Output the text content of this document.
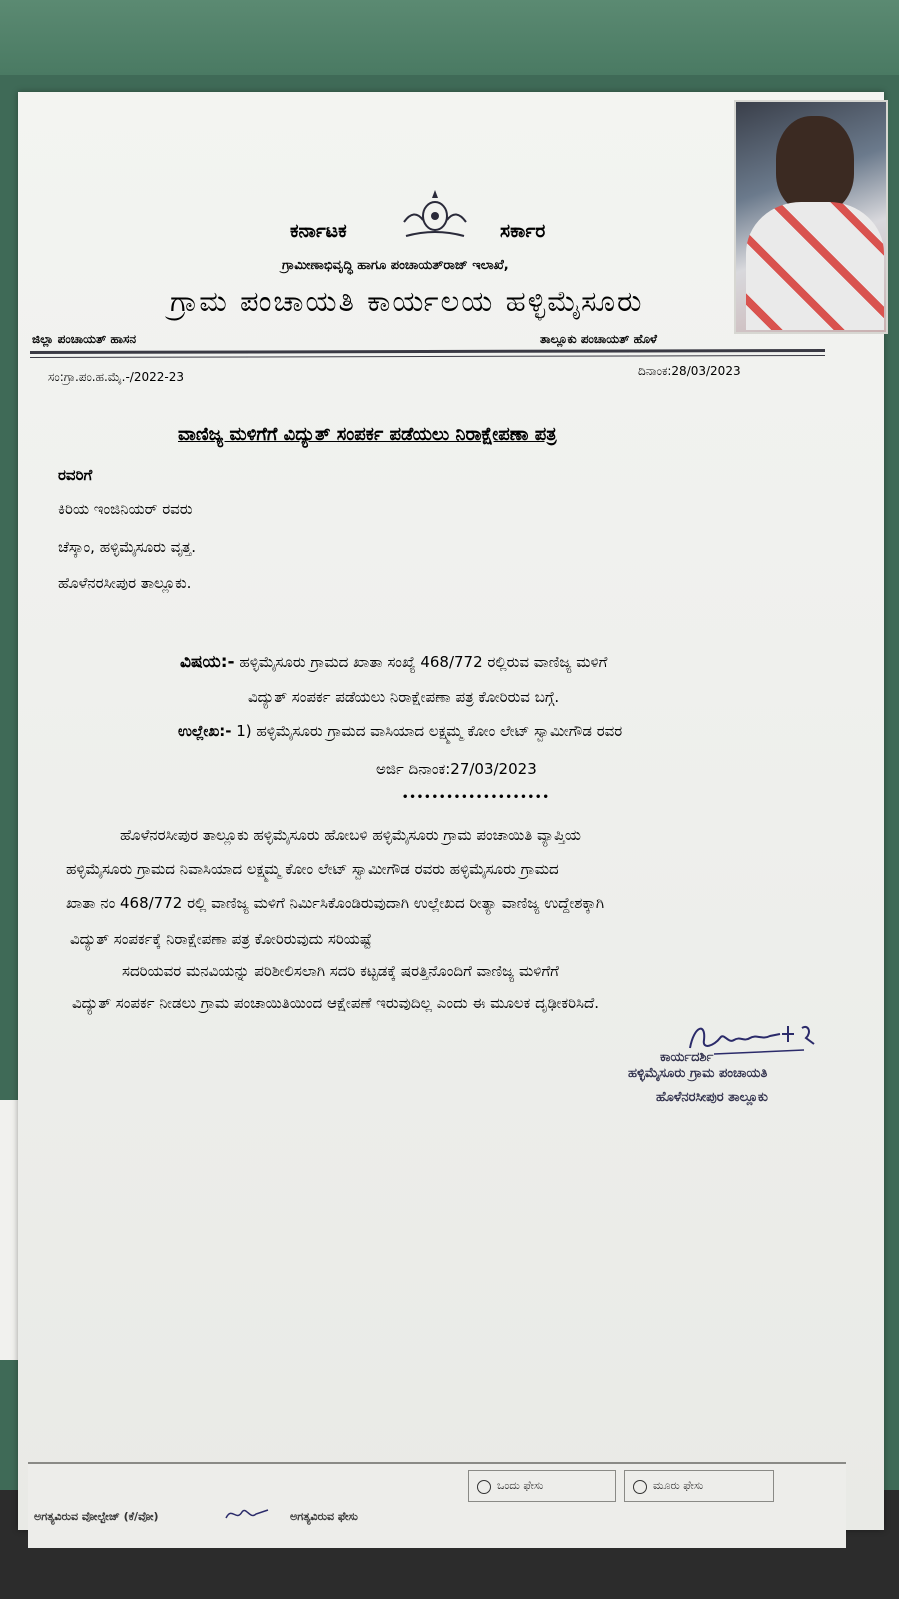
ಕರ್ನಾಟಕ	ಸರ್ಕಾರ
ಗ್ರಾಮೀಣಾಭಿವೃದ್ಧಿ ಹಾಗೂ ಪಂಚಾಯತ್‌ರಾಜ್ ಇಲಾಖೆ,
ಗ್ರಾಮ ಪಂಚಾಯತಿ ಕಾರ್ಯಲಯ ಹಳ್ಳಿಮೈಸೂರು
ಜಿಲ್ಲಾ ಪಂಚಾಯತ್ ಹಾಸನ	ತಾಲ್ಲೂಕು ಪಂಚಾಯತ್ ಹೊಳೆ
ಸಂ:ಗ್ರಾ.ಪಂ.ಹ.ಮೈ.-/2022-23	ದಿನಾಂಕ:28/03/2023
ವಾಣಿಜ್ಯ ಮಳಿಗೆಗೆ ವಿದ್ಯುತ್ ಸಂಪರ್ಕ ಪಡೆಯಲು ನಿರಾಕ್ಷೇಪಣಾ ಪತ್ರ
ರವರಿಗೆ
ಕಿರಿಯ ಇಂಜಿನಿಯರ್ ರವರು
ಚೆಸ್ಕಾಂ, ಹಳ್ಳಿಮೈಸೂರು ವೃತ್ತ.
ಹೊಳೆನರಸೀಪುರ ತಾಲ್ಲೂಕು.
ವಿಷಯ:- ಹಳ್ಳಿಮೈಸೂರು ಗ್ರಾಮದ ಖಾತಾ ಸಂಖ್ಯೆ 468/772 ರಲ್ಲಿರುವ ವಾಣಿಜ್ಯ ಮಳಿಗೆ
ವಿದ್ಯುತ್ ಸಂಪರ್ಕ ಪಡೆಯಲು ನಿರಾಕ್ಷೇಪಣಾ ಪತ್ರ ಕೋರಿರುವ ಬಗ್ಗೆ.
ಉಲ್ಲೇಖ:- 1) ಹಳ್ಳಿಮೈಸೂರು ಗ್ರಾಮದ ವಾಸಿಯಾದ ಲಕ್ಷ್ಮಮ್ಮ ಕೋಂ ಲೇಟ್ ಸ್ವಾಮೀಗೌಡ ರವರ
ಅರ್ಜಿ ದಿನಾಂಕ:27/03/2023
••••••••••••••••••••
ಹೊಳೆನರಸೀಪುರ ತಾಲ್ಲೂಕು ಹಳ್ಳಿಮೈಸೂರು ಹೋಬಳಿ ಹಳ್ಳಿಮೈಸೂರು ಗ್ರಾಮ ಪಂಚಾಯಿತಿ ವ್ಯಾಪ್ತಿಯ
ಹಳ್ಳಿಮೈಸೂರು ಗ್ರಾಮದ ನಿವಾಸಿಯಾದ ಲಕ್ಷ್ಮಮ್ಮ ಕೋಂ ಲೇಟ್ ಸ್ವಾಮೀಗೌಡ ರವರು ಹಳ್ಳಿಮೈಸೂರು ಗ್ರಾಮದ
ಖಾತಾ ನಂ 468/772 ರಲ್ಲಿ ವಾಣಿಜ್ಯ ಮಳಿಗೆ ನಿರ್ಮಿಸಿಕೊಂಡಿರುವುದಾಗಿ ಉಲ್ಲೇಖದ ರೀತ್ಯಾ ವಾಣಿಜ್ಯ ಉದ್ದೇಶಕ್ಕಾಗಿ
ವಿದ್ಯುತ್ ಸಂಪರ್ಕಕ್ಕೆ ನಿರಾಕ್ಷೇಪಣಾ ಪತ್ರ ಕೋರಿರುವುದು ಸರಿಯಷ್ಟೆ
ಸದರಿಯವರ ಮನವಿಯನ್ನು ಪರಿಶೀಲಿಸಲಾಗಿ ಸದರಿ ಕಟ್ಟಡಕ್ಕೆ ಷರತ್ತಿನೊಂದಿಗೆ ವಾಣಿಜ್ಯ ಮಳಿಗೆಗೆ
ವಿದ್ಯುತ್ ಸಂಪರ್ಕ ನೀಡಲು ಗ್ರಾಮ ಪಂಚಾಯಿತಿಯಿಂದ ಆಕ್ಷೇಪಣೆ ಇರುವುದಿಲ್ಲ ಎಂದು ಈ ಮೂಲಕ ದೃಢೀಕರಿಸಿದೆ.
ಕಾರ್ಯದರ್ಶಿ
ಹಳ್ಳಿಮೈಸೂರು ಗ್ರಾಮ ಪಂಚಾಯತಿ
ಹೊಳೆನರಸೀಪುರ ತಾಲ್ಲೂಕು
ಒಂದು ಫೇಸು	ಮೂರು ಫೇಸು
ಅಗತ್ಯವಿರುವ ವೋಲ್ಟೇಜ್ (ಕೆ/ವೋ)	ಅಗತ್ಯವಿರುವ ಫೇಸು
